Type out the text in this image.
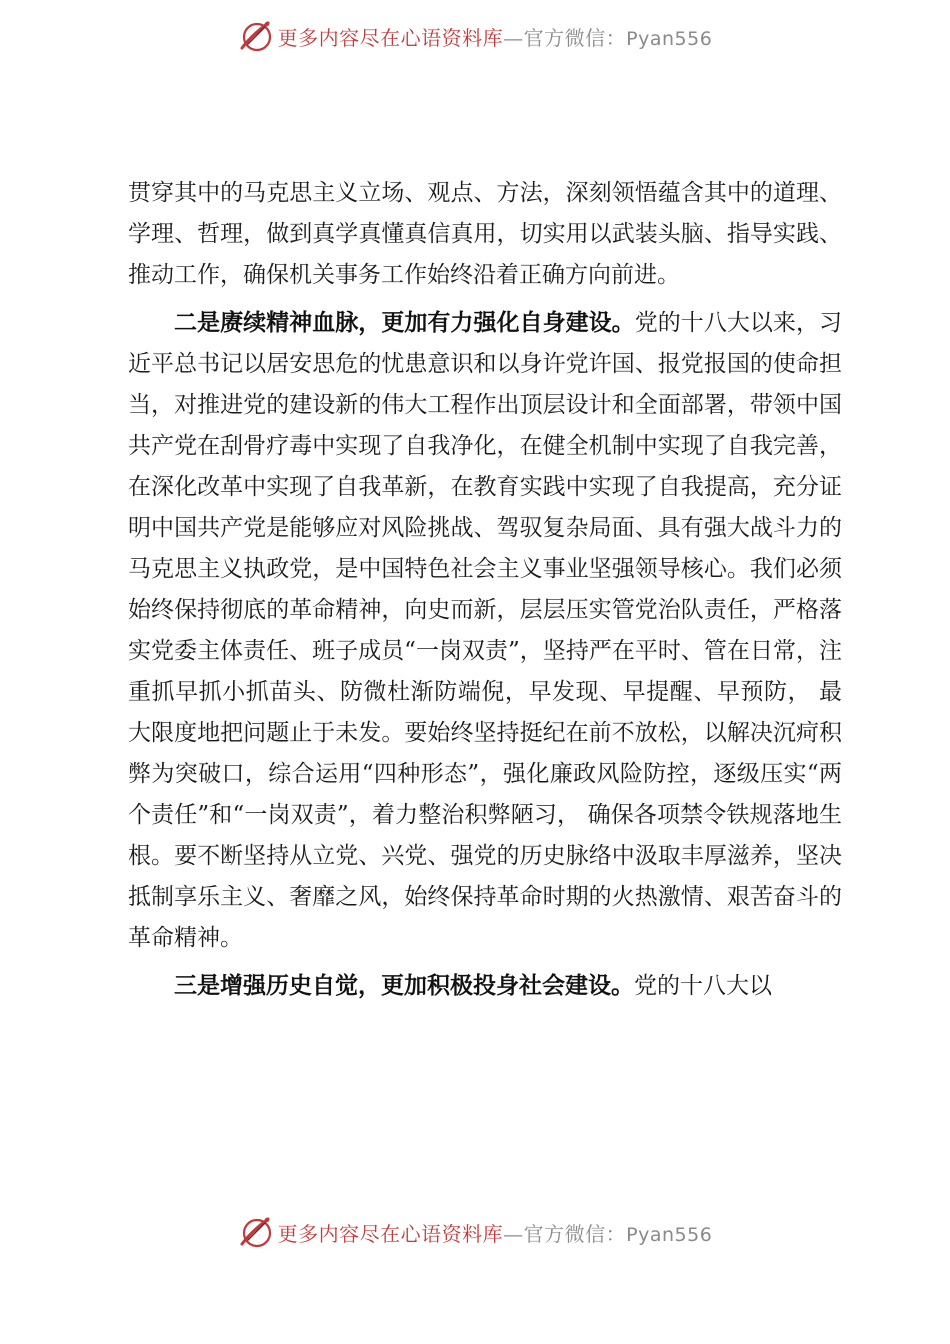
更多内容尽在心语资料库—官方微信：Pyan556

贯穿其中的马克思主义立场、观点、方法，深刻领悟蕴含其中的道理、学理、哲理，做到真学真懂真信真用，切实用以武装头脑、指导实践、推动工作，确保机关事务工作始终沿着正确方向前进。

二是赓续精神血脉，更加有力强化自身建设。党的十八大以来，习近平总书记以居安思危的忧患意识和以身许党许国、报党报国的使命担当，对推进党的建设新的伟大工程作出顶层设计和全面部署，带领中国共产党在刮骨疗毒中实现了自我净化，在健全机制中实现了自我完善，在深化改革中实现了自我革新，在教育实践中实现了自我提高，充分证明中国共产党是能够应对风险挑战、驾驭复杂局面、具有强大战斗力的马克思主义执政党，是中国特色社会主义事业坚强领导核心。我们必须始终保持彻底的革命精神，向史而新，层层压实管党治队责任，严格落实党委主体责任、班子成员“一岗双责”，坚持严在平时、管在日常，注重抓早抓小抓苗头、防微杜渐防端倪，早发现、早提醒、早预防， 最大限度地把问题止于未发。要始终坚持挺纪在前不放松，以解决沉疴积弊为突破口，综合运用“四种形态”，强化廉政风险防控，逐级压实“两个责任”和“一岗双责”，着力整治积弊陋习， 确保各项禁令铁规落地生根。要不断坚持从立党、兴党、强党的历史脉络中汲取丰厚滋养，坚决抵制享乐主义、奢靡之风，始终保持革命时期的火热激情、艰苦奋斗的革命精神。

三是增强历史自觉，更加积极投身社会建设。党的十八大以

更多内容尽在心语资料库—官方微信：Pyan556
